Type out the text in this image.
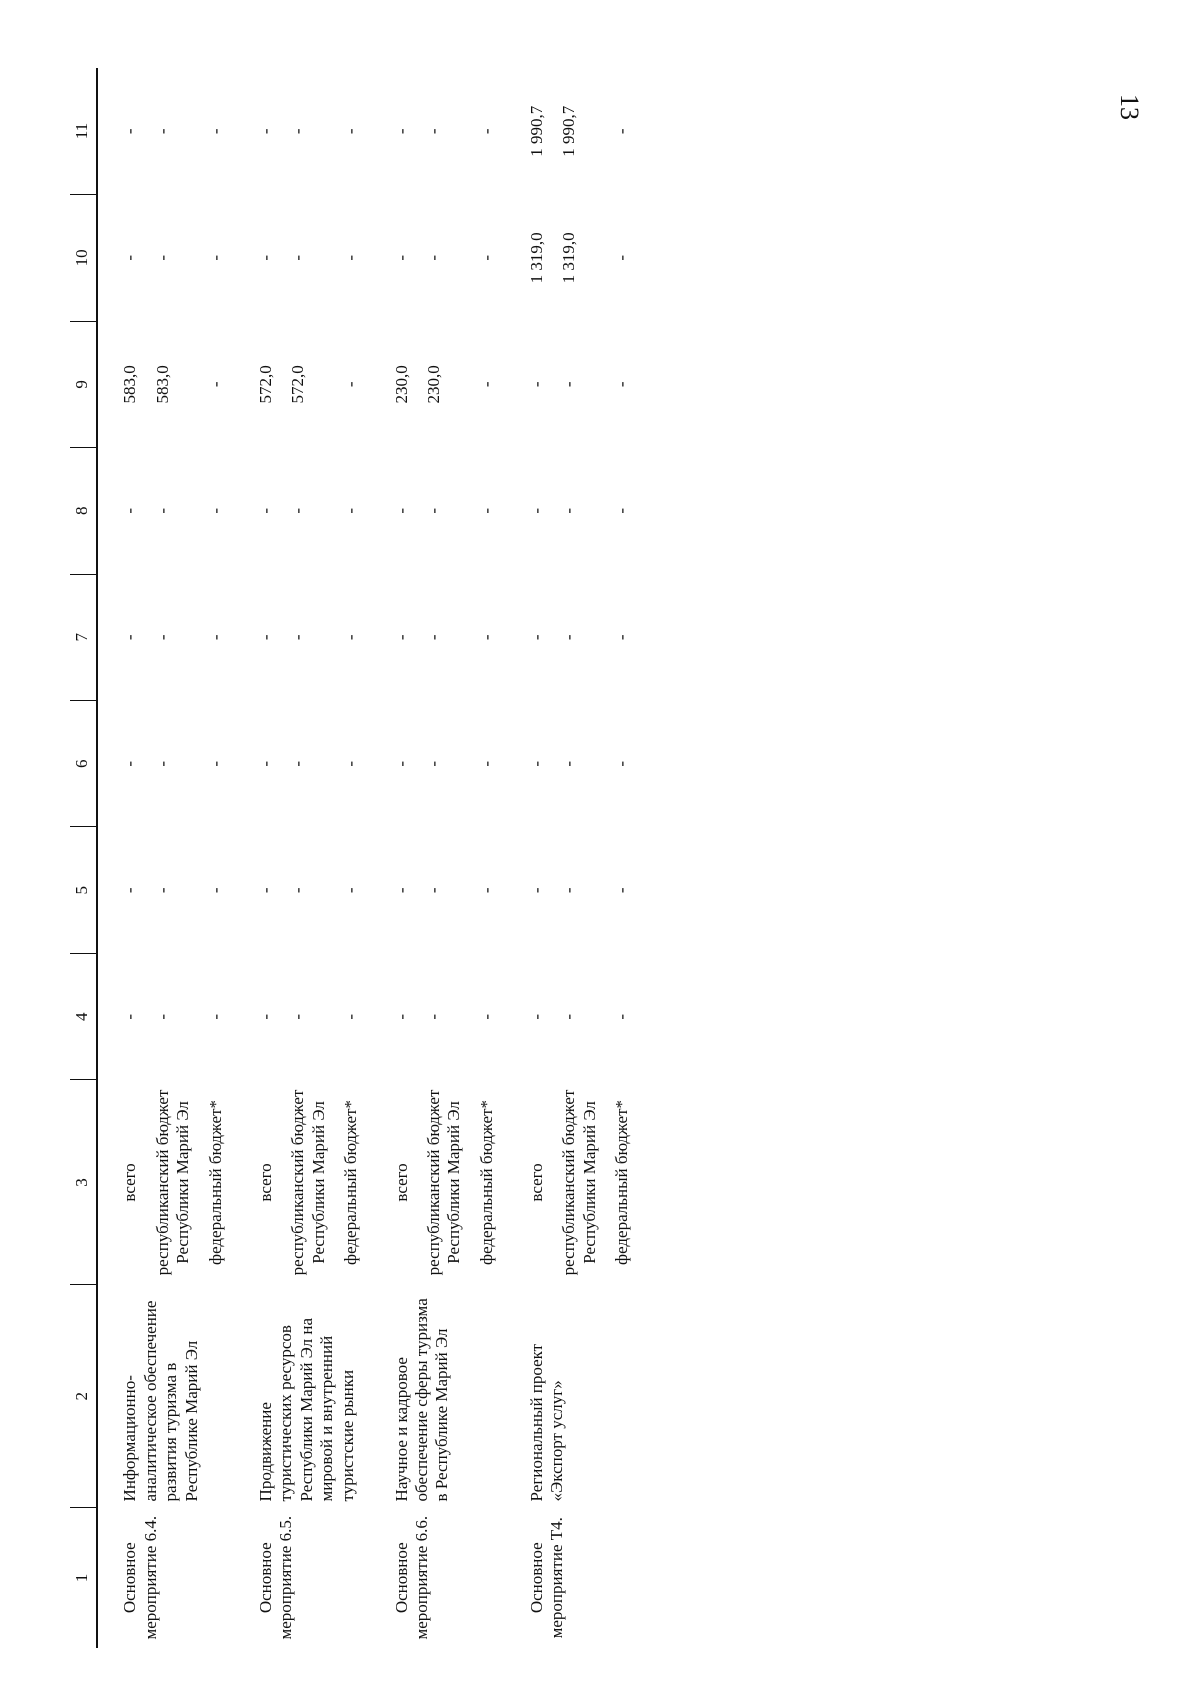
13
1	2	3	4	5	6	7	8	9	10	11
Основное мероприятие 6.4.	Информационно-аналитическое обеспечение развития туризма в Республике Марий Эл	всего	-	-	-	-	-	583,0	-	-
		республиканский бюджет Республики Марий Эл	-	-	-	-	-	583,0	-	-
		федеральный бюджет*	-	-	-	-	-	-	-	-
Основное мероприятие 6.5.	Продвижение туристических ресурсов Республики Марий Эл на мировой и внутренний туристские рынки	всего	-	-	-	-	-	572,0	-	-
		республиканский бюджет Республики Марий Эл	-	-	-	-	-	572,0	-	-
		федеральный бюджет*	-	-	-	-	-	-	-	-
Основное мероприятие 6.6.	Научное и кадровое обеспечение сферы туризма в Республике Марий Эл	всего	-	-	-	-	-	230,0	-	-
		республиканский бюджет Республики Марий Эл	-	-	-	-	-	230,0	-	-
		федеральный бюджет*	-	-	-	-	-	-	-	-
Основное мероприятие Т4.	Региональный проект «Экспорт услуг»	всего	-	-	-	-	-	-	1 319,0	1 990,7
		республиканский бюджет Республики Марий Эл	-	-	-	-	-	-	1 319,0	1 990,7
		федеральный бюджет*	-	-	-	-	-	-	-	-
